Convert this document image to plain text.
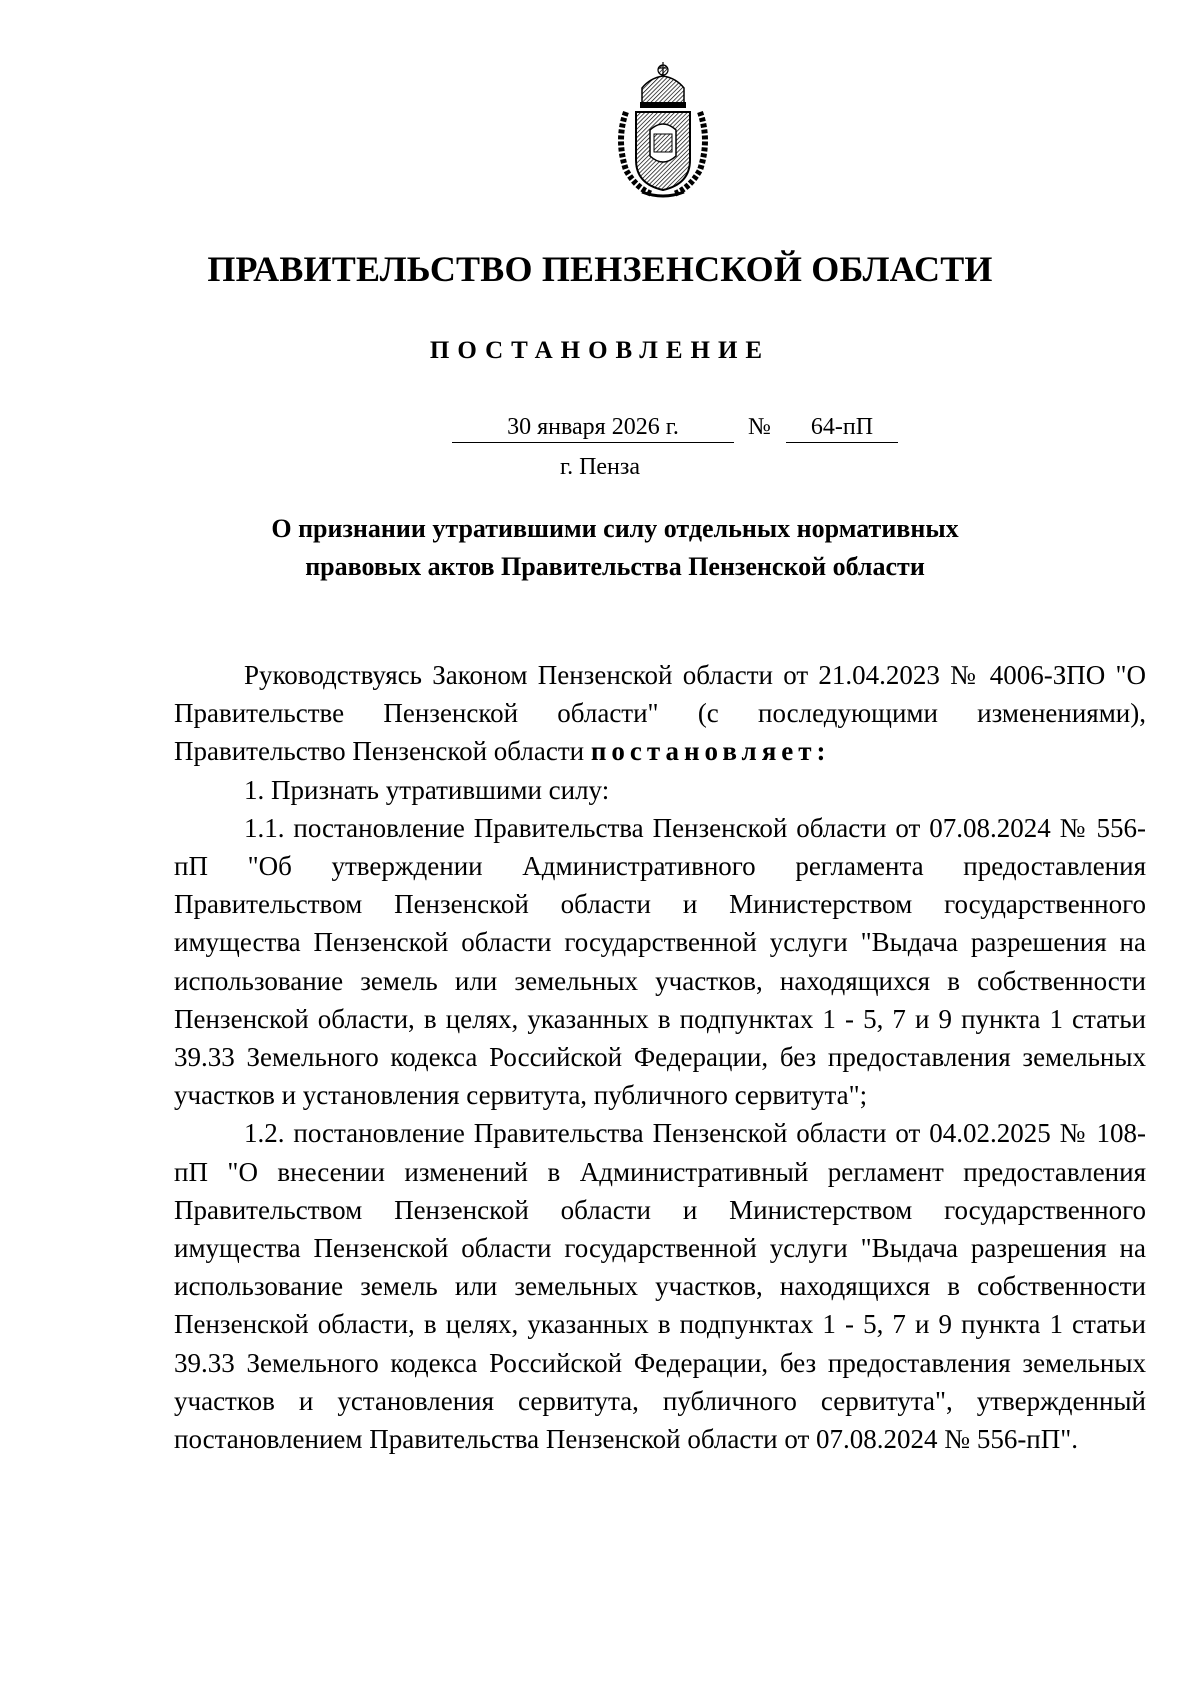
ПРАВИТЕЛЬСТВО ПЕНЗЕНСКОЙ ОБЛАСТИ
ПОСТАНОВЛЕНИЕ
30 января 2026 г.	№	64-пП
г. Пенза
О признании утратившими силу отдельных нормативных
правовых актов Правительства Пензенской области

Руководствуясь Законом Пензенской области от 21.04.2023 № 4006-ЗПО "О Правительстве Пензенской области" (с последующими изменениями), Правительство Пензенской области постановляет:

1. Признать утратившими силу:

1.1. постановление Правительства Пензенской области от 07.08.2024 № 556-пП "Об утверждении Административного регламента предоставления Правительством Пензенской области и Министерством государственного имущества Пензенской области государственной услуги "Выдача разрешения на использование земель или земельных участков, находящихся в собственности Пензенской области, в целях, указанных в подпунктах 1 - 5, 7 и 9 пункта 1 статьи 39.33 Земельного кодекса Российской Федерации, без предоставления земельных участков и установления сервитута, публичного сервитута";

1.2. постановление Правительства Пензенской области от 04.02.2025 № 108-пП "О внесении изменений в Административный регламент предоставления Правительством Пензенской области и Министерством государственного имущества Пензенской области государственной услуги "Выдача разрешения на использование земель или земельных участков, находящихся в собственности Пензенской области, в целях, указанных в подпунктах 1 - 5, 7 и 9 пункта 1 статьи 39.33 Земельного кодекса Российской Федерации, без предоставления земельных участков и установления сервитута, публичного сервитута", утвержденный постановлением Правительства Пензенской области от 07.08.2024 № 556-пП".
